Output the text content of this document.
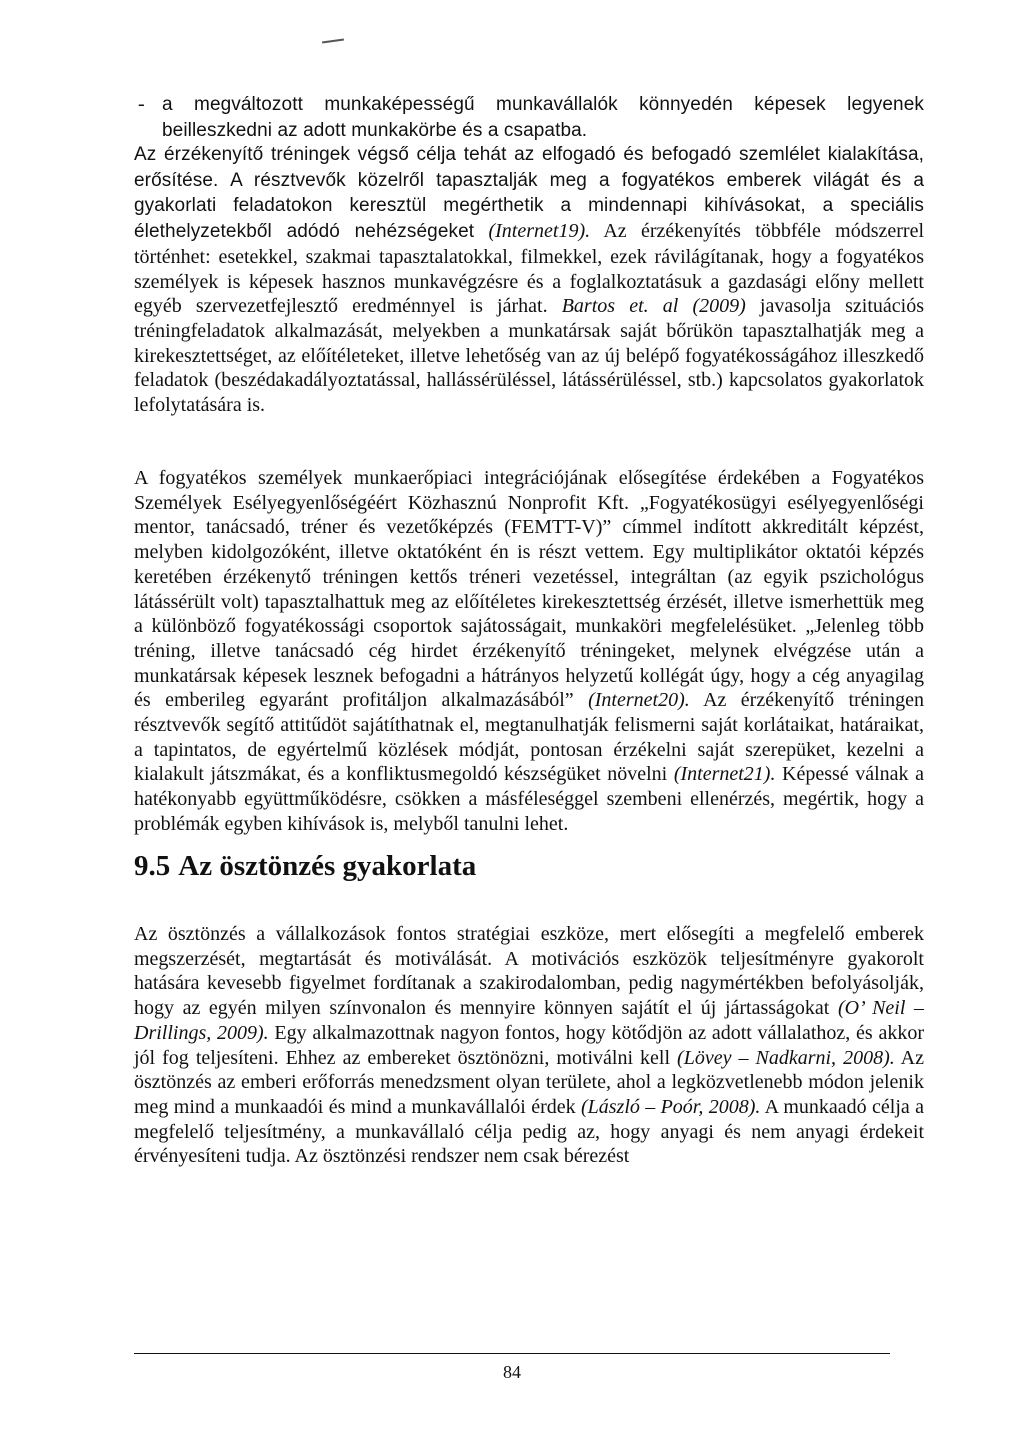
- a megváltozott munkaképességű munkavállalók könnyedén képesek legyenek beilleszkedni az adott munkakörbe és a csapatba.

Az érzékenyítő tréningek végső célja tehát az elfogadó és befogadó szemlélet kialakítása, erősítése. A résztvevők közelről tapasztalják meg a fogyatékos emberek világát és a gyakorlati feladatokon keresztül megérthetik a mindennapi kihívásokat, a speciális élethelyzetekből adódó nehézségeket (Internet19). Az érzékenyítés többféle módszerrel történhet: esetekkel, szakmai tapasztalatokkal, filmekkel, ezek rávilágítanak, hogy a fogyatékos személyek is képesek hasznos munkavégzésre és a foglalkoztatásuk a gazdasági előny mellett egyéb szervezetfejlesztő eredménnyel is járhat. Bartos et. al (2009) javasolja szituációs tréningfeladatok alkalmazását, melyekben a munkatársak saját bőrükön tapasztalhatják meg a kirekesztettséget, az előítéleteket, illetve lehetőség van az új belépő fogyatékosságához illeszkedő feladatok (beszédakadályoztatással, hallássérüléssel, látássérüléssel, stb.) kapcsolatos gyakorlatok lefolytatására is.

A fogyatékos személyek munkaerőpiaci integrációjának elősegítése érdekében a Fogyatékos Személyek Esélyegyenlőségéért Közhasznú Nonprofit Kft. „Fogyatékosügyi esélyegyenlőségi mentor, tanácsadó, tréner és vezetőképzés (FEMTT-V)” címmel indított akkreditált képzést, melyben kidolgozóként, illetve oktatóként én is részt vettem. Egy multiplikátor oktatói képzés keretében érzékenytő tréningen kettős tréneri vezetéssel, integráltan (az egyik pszichológus látássérült volt) tapasztalhattuk meg az előítéletes kirekesztettség érzését, illetve ismerhettük meg a különböző fogyatékossági csoportok sajátosságait, munkaköri megfelelésüket. „Jelenleg több tréning, illetve tanácsadó cég hirdet érzékenyítő tréningeket, melynek elvégzése után a munkatársak képesek lesznek befogadni a hátrányos helyzetű kollégát úgy, hogy a cég anyagilag és emberileg egyaránt profitáljon alkalmazásából” (Internet20). Az érzékenyítő tréningen résztvevők segítő attitűdöt sajátíthatnak el, megtanulhatják felismerni saját korlátaikat, határaikat, a tapintatos, de egyértelmű közlések módját, pontosan érzékelni saját szerepüket, kezelni a kialakult játszmákat, és a konfliktusmegoldó készségüket növelni (Internet21). Képessé válnak a hatékonyabb együttműködésre, csökken a másféleséggel szembeni ellenérzés, megértik, hogy a problémák egyben kihívások is, melyből tanulni lehet.

9.5 Az ösztönzés gyakorlata

Az ösztönzés a vállalkozások fontos stratégiai eszköze, mert elősegíti a megfelelő emberek megszerzését, megtartását és motiválását. A motivációs eszközök teljesítményre gyakorolt hatására kevesebb figyelmet fordítanak a szakirodalomban, pedig nagymértékben befolyásolják, hogy az egyén milyen színvonalon és mennyire könnyen sajátít el új jártasságokat (O’ Neil – Drillings, 2009). Egy alkalmazottnak nagyon fontos, hogy kötődjön az adott vállalathoz, és akkor jól fog teljesíteni. Ehhez az embereket ösztönözni, motiválni kell (Lövey – Nadkarni, 2008). Az ösztönzés az emberi erőforrás menedzsment olyan területe, ahol a legközvetlenebb módon jelenik meg mind a munkaadói és mind a munkavállalói érdek (László – Poór, 2008). A munkaadó célja a megfelelő teljesítmény, a munkavállaló célja pedig az, hogy anyagi és nem anyagi érdekeit érvényesíteni tudja. Az ösztönzési rendszer nem csak bérezést

84
